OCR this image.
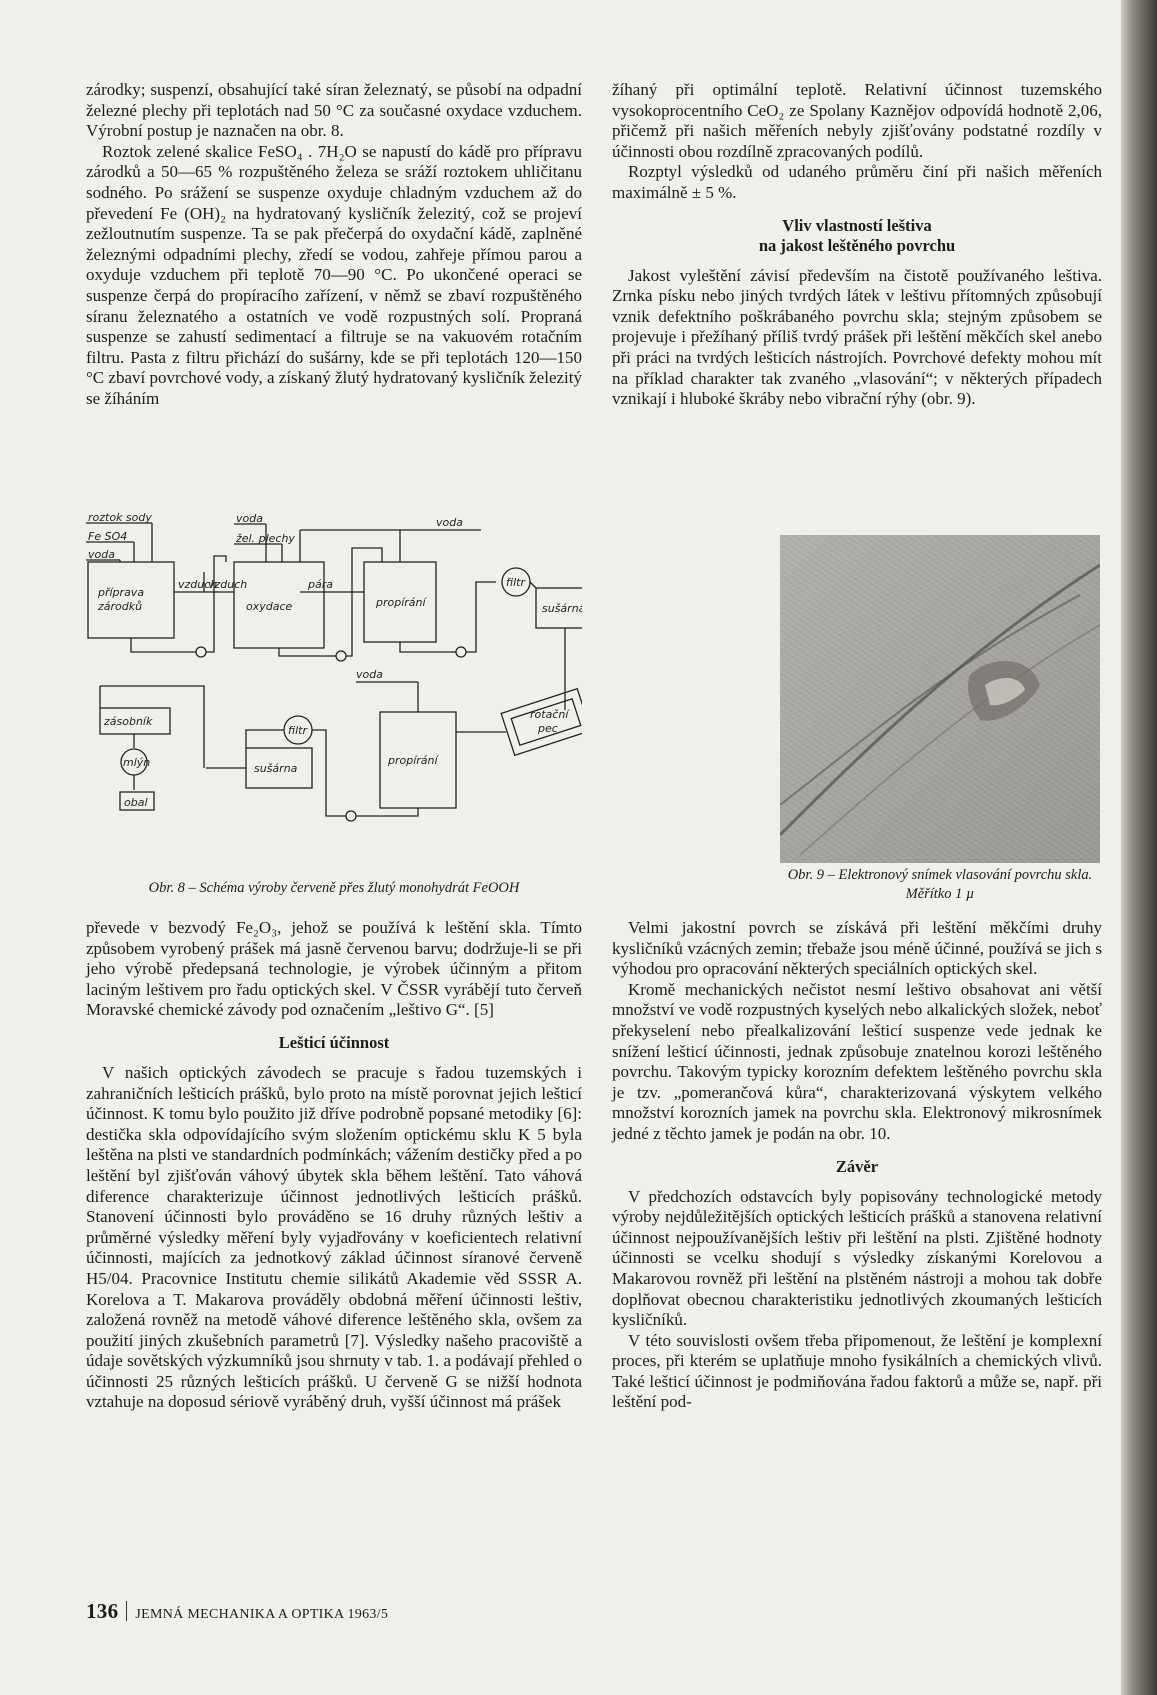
zárodky; suspenzí, obsahující také síran železnatý, se působí na odpadní železné plechy při teplotách nad 50 °C za současné oxydace vzduchem. Výrobní postup je naznačen na obr. 8.

Roztok zelené skalice FeSO₄ . 7H₂O se napustí do kádě pro přípravu zárodků a 50—65 % rozpuštěného železa se sráží roztokem uhličitanu sodného. Po srážení se suspenze oxyduje chladným vzduchem až do převedení Fe (OH)₂ na hydratovaný kysličník železitý, což se projeví zežloutnutím suspenze. Ta se pak přečerpá do oxydační kádě, zaplněné železnými odpadními plechy, zředí se vodou, zahřeje přímou parou a oxyduje vzduchem při teplotě 70—90 °C. Po ukončené operaci se suspenze čerpá do propíracího zařízení, v němž se zbaví rozpuštěného síranu železnatého a ostatních ve vodě rozpustných solí. Propraná suspenze se zahustí sedimentací a filtruje se na vakuovém rotačním filtru. Pasta z filtru přichází do sušárny, kde se při teplotách 120—150 °C zbaví povrchové vody, a získaný žlutý hydratovaný kysličník železitý se žíháním

žíhaný při optimální teplotě. Relativní účinnost tuzemského vysokoprocentního CeO₂ ze Spolany Kaznějov odpovídá hodnotě 2,06, přičemž při našich měřeních nebyly zjišťovány podstatné rozdíly v účinnosti obou rozdílně zpracovaných podílů.

Rozptyl výsledků od udaného průměru činí při našich měřeních maximálně ± 5 %.

Vliv vlastností leštiva
na jakost leštěného povrchu

Jakost vyleštění závisí především na čistotě používaného leštiva. Zrnka písku nebo jiných tvrdých látek v leštivu přítomných způsobují vznik defektního poškrábaného povrchu skla; stejným způsobem se projevuje i přežíhaný příliš tvrdý prášek při leštění měkčích skel anebo při práci na tvrdých lešticích nástrojích. Povrchové defekty mohou mít na příklad charakter tak zvaného „vlasování“; v některých případech vznikají i hluboké škráby nebo vibrační rýhy (obr. 9).

roztok sody
Fe SO4
voda
voda
žel. plechy
voda
příprava
zárodků
vzduch
vzduch
oxydace
pára
propírání
filtr
sušárna
voda
rotační
pec
zásobník
filtr
propírání
mlýn	sušárna
obal
Obr. 8 – Schéma výroby červeně přes žlutý monohydrát FeOOH
Obr. 9 – Elektronový snímek vlasování povrchu skla. Měřítko 1 µ

převede v bezvodý Fe₂O₃, jehož se používá k leštění skla. Tímto způsobem vyrobený prášek má jasně červenou barvu; dodržuje-li se při jeho výrobě předepsaná technologie, je výrobek účinným a přitom laciným leštivem pro řadu optických skel. V ČSSR vyrábějí tuto červeň Moravské chemické závody pod označením „leštivo G“. [5]

Lešticí účinnost

V našich optických závodech se pracuje s řadou tuzemských i zahraničních lešticích prášků, bylo proto na místě porovnat jejich lešticí účinnost. K tomu bylo použito již dříve podrobně popsané metodiky [6]: destička skla odpovídajícího svým složením optickému sklu K 5 byla leštěna na plsti ve standardních podmínkách; vážením destičky před a po leštění byl zjišťován váhový úbytek skla během leštění. Tato váhová diference charakterizuje účinnost jednotlivých lešticích prášků. Stanovení účinnosti bylo prováděno se 16 druhy různých leštiv a průměrné výsledky měření byly vyjadřovány v koeficientech relativní účinnosti, majících za jednotkový základ účinnost síranové červeně H5/04. Pracovnice Institutu chemie silikátů Akademie věd SSSR A. Korelova a T. Makarova prováděly obdobná měření účinnosti leštiv, založená rovněž na metodě váhové diference leštěného skla, ovšem za použití jiných zkušebních parametrů [7]. Výsledky našeho pracoviště a údaje sovětských výzkumníků jsou shrnuty v tab. 1. a podávají přehled o účinnosti 25 různých lešticích prášků. U červeně G se nižší hodnota vztahuje na doposud sériově vyráběný druh, vyšší účinnost má prášek

Velmi jakostní povrch se získává při leštění měkčími druhy kysličníků vzácných zemin; třebaže jsou méně účinné, používá se jich s výhodou pro opracování některých speciálních optických skel.

Kromě mechanických nečistot nesmí leštivo obsahovat ani větší množství ve vodě rozpustných kyselých nebo alkalických složek, neboť překyselení nebo přealkalizování lešticí suspenze vede jednak ke snížení lešticí účinnosti, jednak způsobuje znatelnou korozi leštěného povrchu. Takovým typicky korozním defektem leštěného povrchu skla je tzv. „pomerančová kůra“, charakterizovaná výskytem velkého množství korozních jamek na povrchu skla. Elektronový mikrosnímek jedné z těchto jamek je podán na obr. 10.

Závěr

V předchozích odstavcích byly popisovány technologické metody výroby nejdůležitějších optických lešticích prášků a stanovena relativní účinnost nejpoužívanějších leštiv při leštění na plsti. Zjištěné hodnoty účinnosti se vcelku shodují s výsledky získanými Korelovou a Makarovou rovněž při leštění na plstěném nástroji a mohou tak dobře doplňovat obecnou charakteristiku jednotlivých zkoumaných lešticích kysličníků.

V této souvislosti ovšem třeba připomenout, že leštění je komplexní proces, při kterém se uplatňuje mnoho fysikálních a chemických vlivů. Také lešticí účinnost je podmiňována řadou faktorů a může se, např. při leštění pod-

136 JEMNÁ MECHANIKA A OPTIKA 1963/5
